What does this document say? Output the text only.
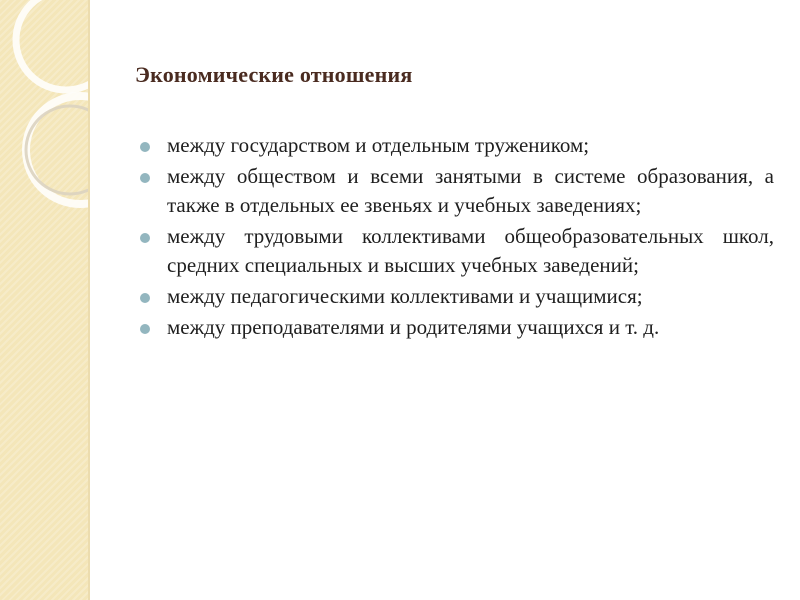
Экономические отношения
между государством и отдельным тружеником;
между обществом и всеми занятыми в системе образования, а также в отдельных ее звеньях и учебных заведениях;
между трудовыми коллективами общеобразовательных школ, средних специальных и высших учебных заведений;
между педагогическими коллективами и учащимися;
между преподавателями и родителями учащихся и т. д.
